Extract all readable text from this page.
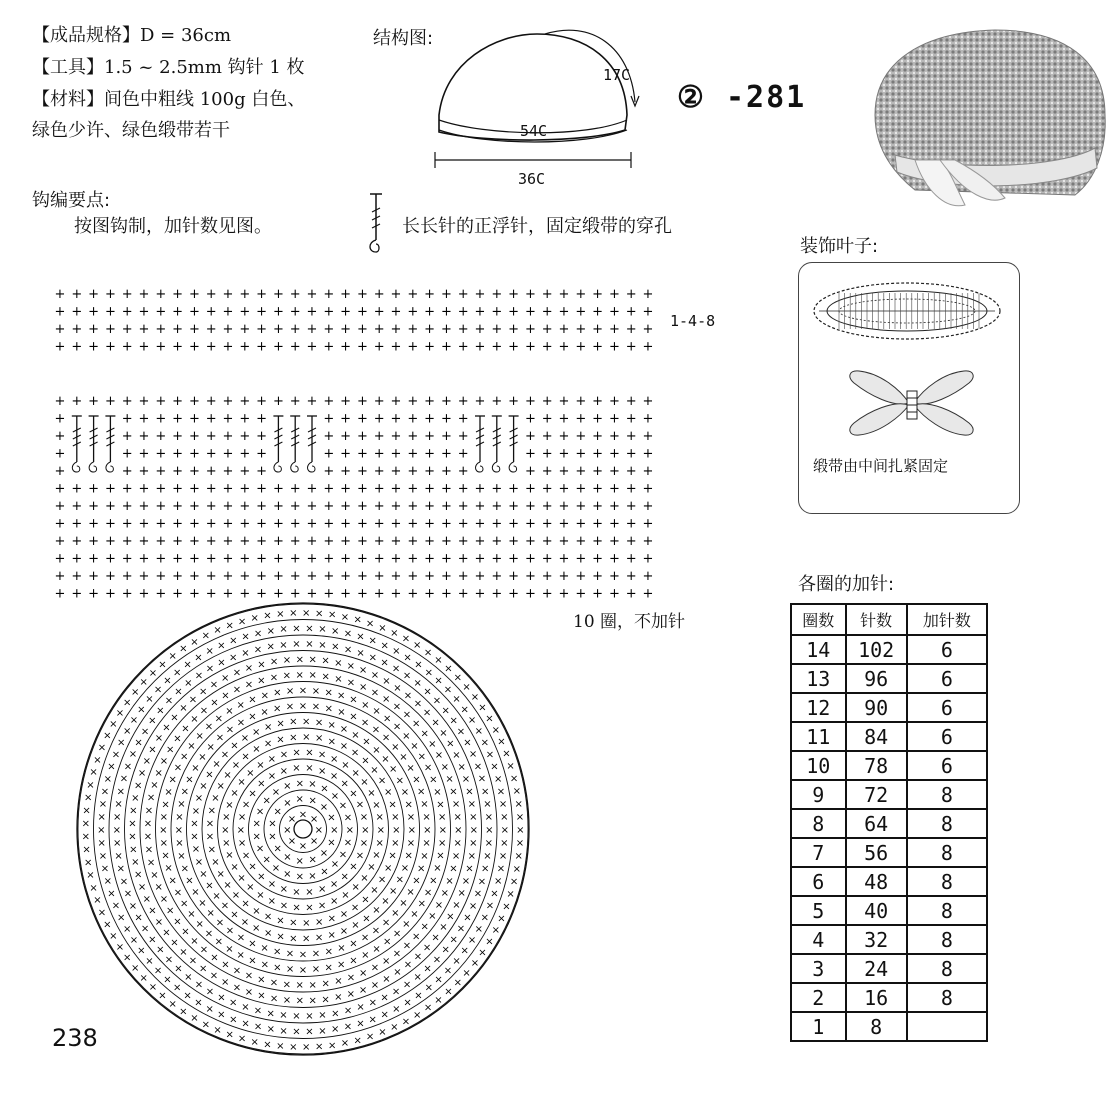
【成品规格】D = 36cm
【工具】1.5 ~ 2.5mm 钩针 1 枚
【材料】间色中粗线 100g 白色、
绿色少许、绿色缎带若干
结构图:
17C
54C
36C
② -281
钩编要点:
按图钩制，加针数见图。	长长针的正浮针，固定缎带的穿孔
+ + + + + + + + + + + + + + + + + + + + + + + + + + + + + + + + + + + +
+ + + + + + + + + + + + + + + + + + + + + + + + + + + + + + + + + + + +
+ + + + + + + + + + + + + + + + + + + + + + + + + + + + + + + + + + + +
+ + + + + + + + + + + + + + + + + + + + + + + + + + + + + + + + + + + +
+ + + + + + + + + + + + + + + + + + + + + + + + + + + + + + + + + + + +
+	+ + + + + + + + +	+ + + + + + + + +	+ + + + + + + +
+	+ + + + + + + + +	+ + + + + + + + +	+ + + + + + + +
+	+ + + + + + + + +	+ + + + + + + + +	+ + + + + + + +
+	+ + + + + + + + +	+ + + + + + + + +	+ + + + + + + +
+ + + + + + + + + + + + + + + + + + + + + + + + + + + + + + + + + + + +
+ + + + + + + + + + + + + + + + + + + + + + + + + + + + + + + + + + + +
+ + + + + + + + + + + + + + + + + + + + + + + + + + + + + + + + + + + +
+ + + + + + + + + + + + + + + + + + + + + + + + + + + + + + + + + + + +
+ + + + + + + + + + + + + + + + + + + + + + + + + + + + + + + + + + + +
+ + + + + + + + + + + + + + + + + + + + + + + + + + + + + + + + + + + +
+ + + + + + + + + + + + + + + + + + + + + + + + + + + + + + + + + + + +
1-4-8
10 圈，不加针
×
×
×
×
×
× × ×
×
×
×
×
×
×
×
×
×
×
× × ×
×
×
×
×
×
×
×
×
×
×
×
×
×
×
×
×
×
×
× × × ×
×
×
×
×
×
×
×
×
×
×
×
×
×
×
×
×
×
×
×
×
×
×
×
× × × × × ×
×
×
×
×
×
×
×
×
×
×
×
×
×
×
×
×
×
×
×
×
×
×
×
×
×
×
×
×
×
×
× × × × × ×
×
×
×
×
×
×
×
×
×
×
×
×
×
×
×
×
×
×
×
×
×
×
×
×
×
×
×
×
×
×
×
×
×
×
×
×
×
× × × × × × ×
×
×
×
×
×
×
×
×
×
×
×
×
×
×
×
×
×
×
×
×
×
×
×
×
×
×
×
×
×
×
×
×
×
×
×
×
×
×
×
×
×
×
×
× × × × × × × ×
×
×
×
×
×
×
×
×
×
×
×
×
×
×
×
×
×
×
×
×
×
×
×
×
×
×
×
×
×
×
×
×
×
×
×
×
×
×
×
×
×
×
×
×
×
×
×
×
×
×
× × × × × × × × ×
×
×
×
×
×
×
×
×
×
×
×
×
×
×
×
×
×
×
×
×
×
×
×
×
×
×
×
×
×
×
×
×
×
×
×
×
×
×
×
×
×
×
×
×
×
×
×
×
×
×
×
×
×
×
×
×
× × × × × × × × × × ×
×
×
×
×
×
×
×
×
×
×
×
×
×
×
×
×
×
×
×
×
×
×
×
×
×
×
×
×
×
×
×
×
×
×
×
×
×
×
×
×
×
×
×
×
×
×
×
×
×
×
×
×
×
×
×
×
×
×
×
×
×
×
× × × × × × × × × × × ×
×
×
×
×
×
×
×
×
×
×
×
×
×
×
×
×
×
×
×
×
×
×
×
×
×
×
×
×
×
×
×
×
×
×
×
×
×
×
×
×
×
×
×
×
×
×
×
×
×
×
×
×
×
×
×
×
×
×
×
×
×
×
×
×
×
×
×
×
× × × × × × × × × × × × ×
×
×
×
×
×
×
×
×
×
×
×
×
×
×
×
×
×
×
×
×
×
×
×
×
×
×
×
×
×
×
×
×
×
×
×
×
×
×
×
×
×
×
×
×
×
×
×
×
×
×
×
×
×
×
×
×
×
×
×
×
×
×
×
×
×
×
×
×
×
×
×
×
×
×
×
× × × × × × × × × × × × × ×
×
×
×
×
×
×
×
×
×
×
×
×
×
×
×
×
×
×
×
×
×
×
×
×
×
×
×
×
×
×
×
×
×
×
×
×
×
×
×
×
×
×
×
×
×
×
×
×
×
×
×
×
×
×
×
×
×
×
×
×
×
×
×
×
×
×
×
×
×
×
×
×
×
×
×
×
×
×
×
×
×
×
× × × × × × × × × × × × × ×
×
×
×
×
×
×
×
×
×
×
×
×
×
×
×
×
×
×
×
×
×
×
×
×
×
×
×
×
×
×
×
×
×
×
×
×
×
×
×
×
×
×
×
×
×
×
×
×
×
×
×
×
×
×
×
×
×
×
×
×
×
×
×
×
×
×
×
×
×
×
×
×
×
×
×
×
×
×
×
×
×
×
×
×
×
×
×
×
× × × × × × × × × × × × × × × ×
×
×
×
×
×
×
×
×
×
×
×
×
×
×
×
×
×
×
装饰叶子:
缎带由中间扎紧固定
各圈的加针:
圈数	针数	加针数
14	102	6
13	96	6
12	90	6
11	84	6
10	78	6
9	72	8
8	64	8
7	56	8
6	48	8
5	40	8
4	32	8
3	24	8
2	16	8
1	8	
238
